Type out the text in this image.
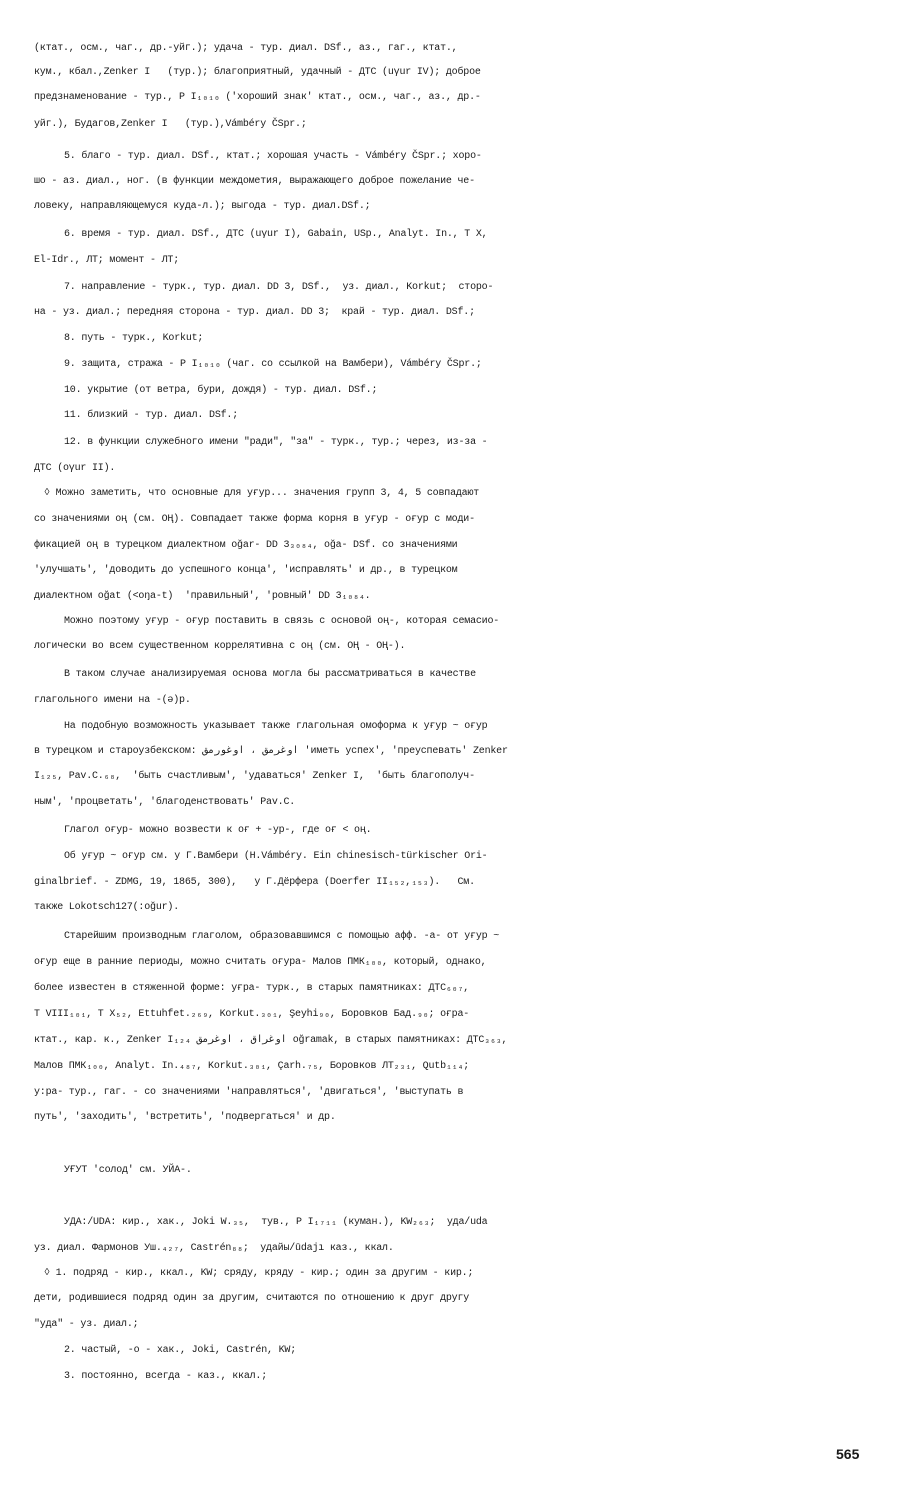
(ктат., осм., чаг., др.-уйг.); удача - тур. диал. DSf., аз., гаг., ктат.,
кум., кбал.,Zenker I   (тур.); благоприятный, удачный - ДТС (uγur IV); доброе
предзнаменование - тур., Р I₁₀₁₀ ('хороший знак' ктат., осм., чаг., аз., др.-
уйг.), Будагов,Zenker I   (тур.),Vámbéry ČSpr.;
5. благо - тур. диал. DSf., ктат.; хорошая участь - Vámbéry ČSpr.; хоро-
шо - аз. диал., ног. (в функции междометия, выражающего доброе пожелание че-
ловеку, направляющемуся куда-л.); выгода - тур. диал.DSf.;
6. время - тур. диал. DSf., ДТС (uγur I), Gabain, USp., Analyt. In., Т Х,
El-Idr., ЛТ; момент - ЛТ;
7. направление - турк., тур. диал. DD 3, DSf.,  уз. диал., Korkut;  сторо-
на - уз. диал.; передняя сторона - тур. диал. DD 3;  край - тур. диал. DSf.;
8. путь - турк., Korkut;
9. защита, стража - Р I₁₀₁₀ (чаг. со ссылкой на Вамбери), Vámbéry ČSpr.;
10. укрытие (от ветра, бури, дождя) - тур. диал. DSf.;
11. близкий - тур. диал. DSf.;
12. в функции служебного имени "ради", "за" - турк., тур.; через, из-за -
ДТС (oγur II).
◊ Можно заметить, что основные для уғур... значения групп 3, 4, 5 совпадают
со значениями оң (см. ОҢ). Совпадает также форма корня в уғур - оғур с моди-
фикацией оң в турецком диалектном oğar- DD 3₃₀₈₄, oğa- DSf. со значениями
'улучшать', 'доводить до успешного конца', 'исправлять' и др., в турецком
диалектном oğat (<oŋa-t)  'правильный', 'ровный' DD 3₁₀₈₄.
Можно поэтому уғур - оғур поставить в связь с основой оң-, которая семасио-
логически во всем существенном коррелятивна с оң (см. ОҢ - ОҢ-).
В таком случае анализируемая основа могла бы рассматриваться в качестве
глагольного имени на -(ə)р.
На подобную возможность указывает также глагольная омоформа к уғур ~ оғур
в турецком и староузбекском: اوغرمق ، اوغورمق 'иметь успех', 'преуспевать' Zenker
I₁₂₅, Pav.C.₆₈,  'быть счастливым', 'удаваться' Zenker I,  'быть благополуч-
ным', 'процветать', 'благоденствовать' Pav.C.
Глагол оғур- можно возвести к оғ + -ур-, где оғ < оң.
Об уғур ~ оғур см. у Г.Вамбери (H.Vámbéry. Ein chinesisch-türkischer Ori-
ginalbrief. - ZDMG, 19, 1865, 300),   у Г.Дёрфера (Doerfer II₁₅₂,₁₅₃).   См.
также Lokotsch127(:oğur).
Старейшим производным глаголом, образовавшимся с помощью афф. -а- от уғур ~
оғур еще в ранние периоды, можно считать оғура- Малов ПМК₁₀₀, который, однако,
более известен в стяженной форме: уғра- турк., в старых памятниках: ДТС₆₀₇,
Т VIII₁₀₁, Т Х₅₂, Ettuhfet.₂₆₉, Korkut.₃₀₁, Şeyhi₉₀, Боровков Бад.₉₀; оғра-
ктат., кар. к., Zenker I₁₂₄ اوغراق ، اوغرمق oğramak, в старых памятниках: ДТС₃₆₃,
Малов ПМК₁₀₀, Analyt. In.₄₈₇, Korkut.₃₀₁, Çarh.₇₅, Боровков ЛТ₂₃₁, Qutb₁₁₄;
у:ра- тур., гаг. - со значениями 'направляться', 'двигаться', 'выступать в
путь', 'заходить', 'встретить', 'подвергаться' и др.
УҒУТ 'солод' см. УЙА-.
УДА:/UDA: кир., хак., Joki W.₃₅,  тув., Р I₁₇₁₁ (куман.), KW₂₆₃;  уда/uda
уз. диал. Фармонов Уш.₄₂₇, Castrén₈₈;  удайы/ūdajı каз., ккал.
◊ 1. подряд - кир., ккал., KW; сряду, кряду - кир.; один за другим - кир.;
дети, родившиеся подряд один за другим, считаются по отношению к друг другу
"уда" - уз. диал.;
2. частый, -о - хак., Joki, Castrén, KW;
3. постоянно, всегда - каз., ккал.;
565
